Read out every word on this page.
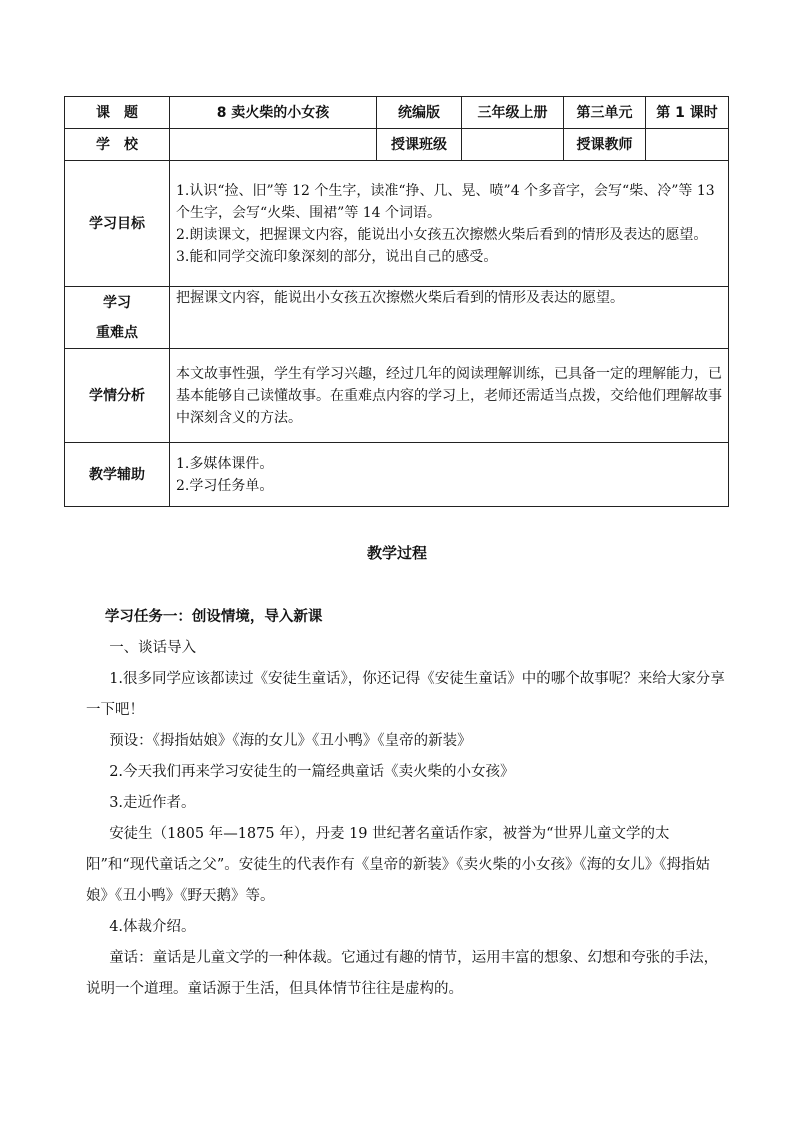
课　题	8 卖火柴的小女孩	统编版	三年级上册	第三单元	第 1 课时
学　校		授课班级		授课教师	
学习目标	1.认识“捡、旧”等 12 个生字，读准“挣、几、晃、喷”4 个多音字，会写“柴、冷”等 13 个生字，会写“火柴、围裙”等 14 个词语。

2.朗读课文，把握课文内容，能说出小女孩五次擦燃火柴后看到的情形及表达的愿望。

3.能和同学交流印象深刻的部分，说出自己的感受。				

学习
重难点	把握课文内容，能说出小女孩五次擦燃火柴后看到的情形及表达的愿望。				

学情分析	本文故事性强，学生有学习兴趣，经过几年的阅读理解训练，已具备一定的理解能力，已基本能够自己读懂故事。在重难点内容的学习上，老师还需适当点拨，交给他们理解故事中深刻含义的方法。				

教学辅助	1.多媒体课件。

2.学习任务单。				

教学过程

学习任务一：创设情境，导入新课

一、谈话导入

1.很多同学应该都读过《安徒生童话》，你还记得《安徒生童话》中的哪个故事呢？来给大家分享一下吧！

预设：《拇指姑娘》《海的女儿》《丑小鸭》《皇帝的新装》

2.今天我们再来学习安徒生的一篇经典童话《卖火柴的小女孩》

3.走近作者。

安徒生（1805 年—1875 年），丹麦 19 世纪著名童话作家，被誉为“世界儿童文学的太阳”和“现代童话之父”。安徒生的代表作有《皇帝的新装》《卖火柴的小女孩》《海的女儿》《拇指姑娘》《丑小鸭》《野天鹅》等。

4.体裁介绍。

童话：童话是儿童文学的一种体裁。它通过有趣的情节，运用丰富的想象、幻想和夸张的手法，说明一个道理。童话源于生活，但具体情节往往是虚构的。
